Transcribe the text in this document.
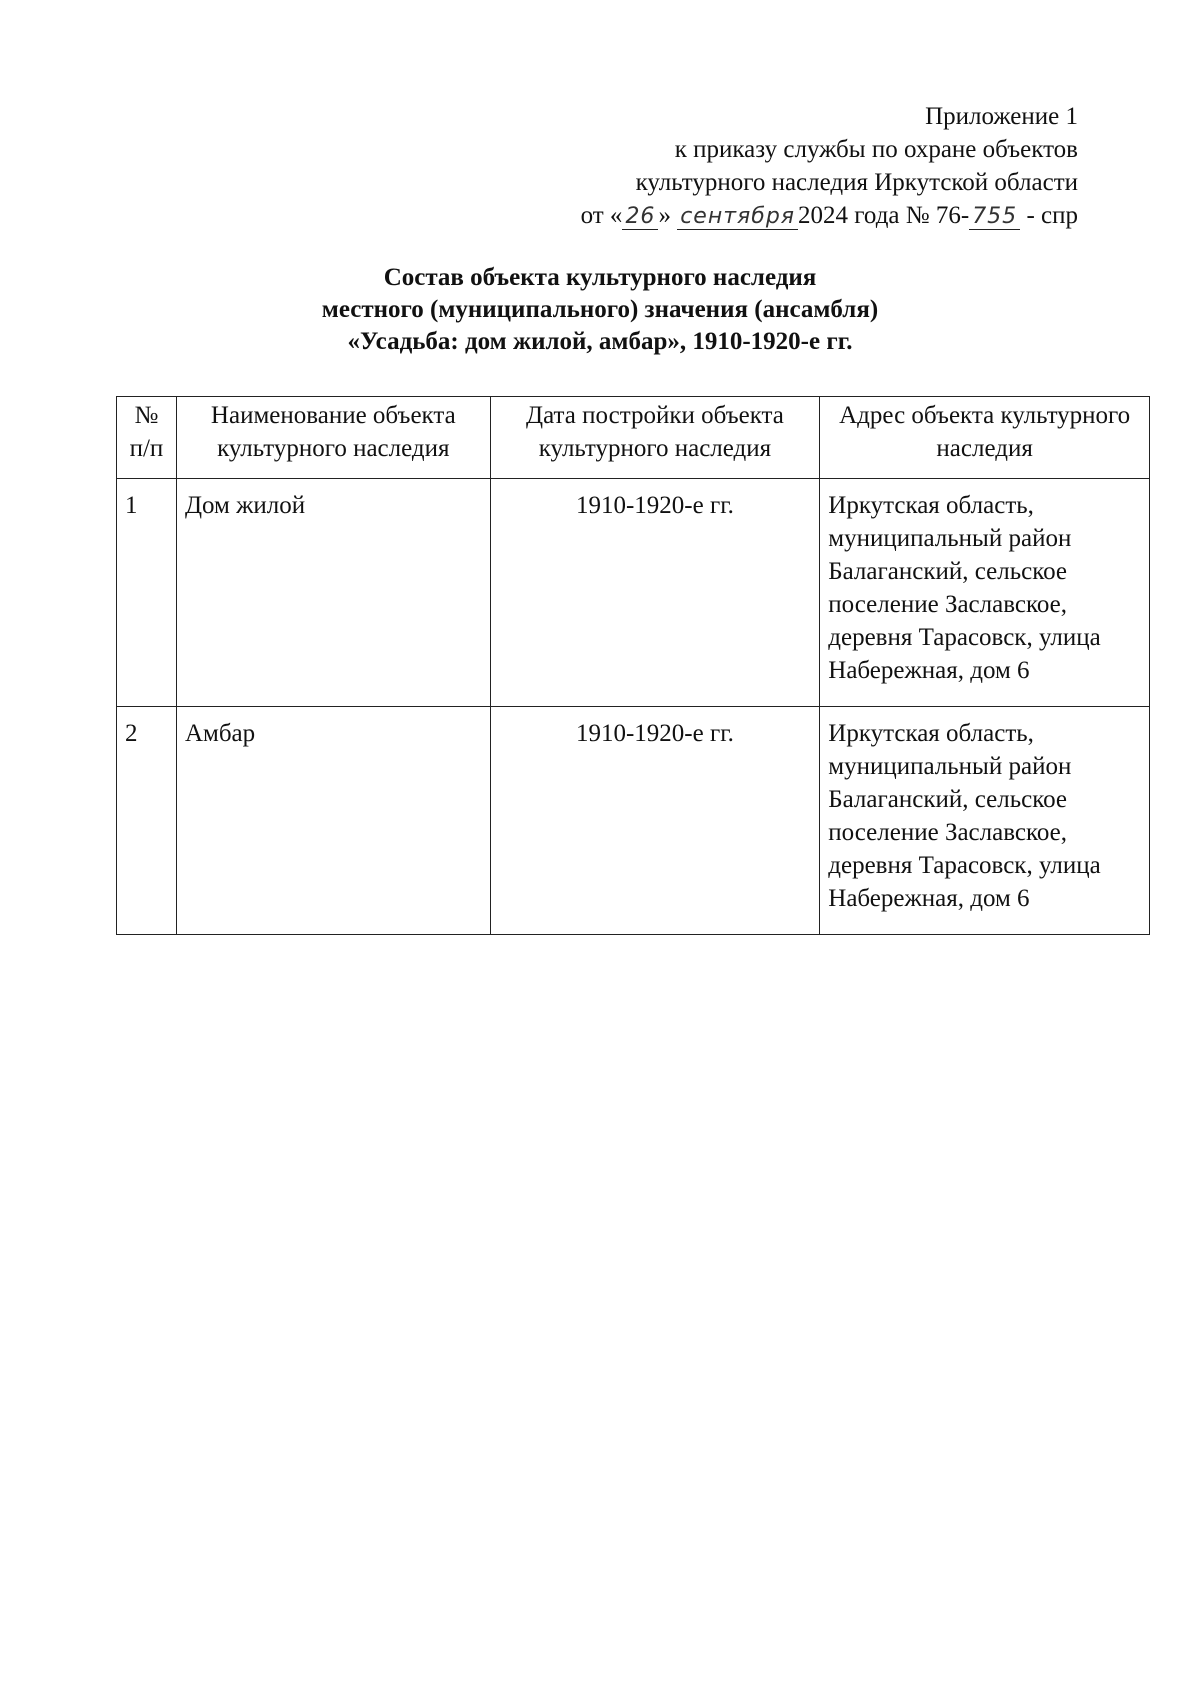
Приложение 1
к приказу службы по охране объектов
культурного наследия Иркутской области
от « 26 » сентября 2024 года № 76- 755 - спр
Состав объекта культурного наследия
местного (муниципального) значения (ансамбля)
«Усадьба: дом жилой, амбар», 1910-1920-е гг.
№
п/п	Наименование объекта культурного наследия	Дата постройки объекта культурного наследия	Адрес объекта культурного наследия
1	Дом жилой	1910-1920-е гг.	Иркутская область, муниципальный район Балаганский, сельское поселение Заславское, деревня Тарасовск, улица Набережная, дом 6
2	Амбар	1910-1920-е гг.	Иркутская область, муниципальный район Балаганский, сельское поселение Заславское, деревня Тарасовск, улица Набережная, дом 6
